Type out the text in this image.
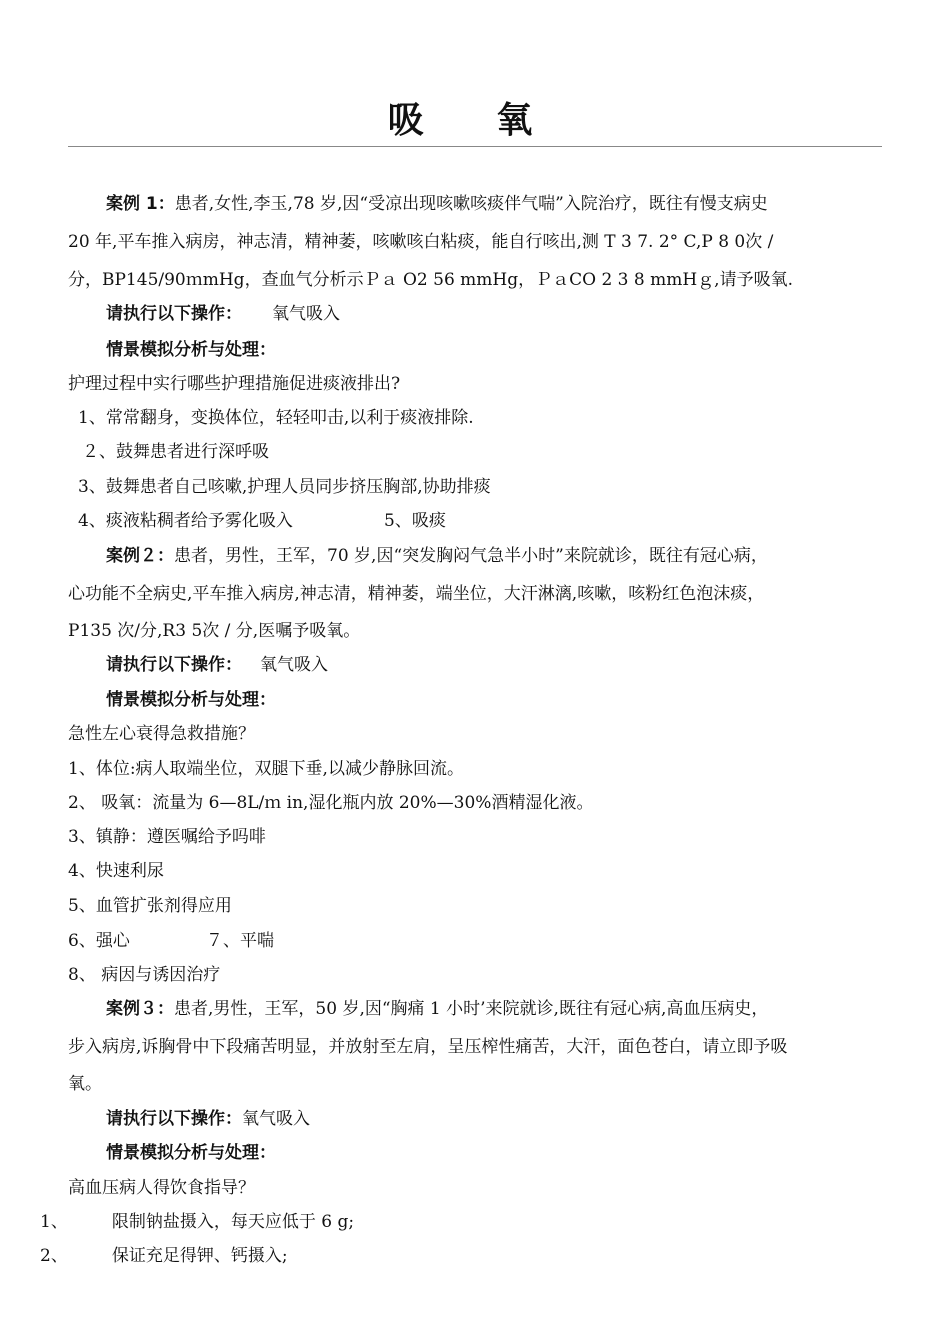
吸 氧
案例 1：患者,女性,李玉,78 岁,因“受凉出现咳嗽咳痰伴气喘”入院治疗，既往有慢支病史
20 年,平车推入病房，神志清，精神萎，咳嗽咳白粘痰，能自行咳出,测 T 3 7. 2° C,P 8 0次 /
分，BP145/90ｍmHg，查血气分析示Ｐａ O2 56 mmHg，ＰａCO 2 3 8 mmHｇ,请予吸氧.
请执行以下操作： 氧气吸入
情景模拟分析与处理：
护理过程中实行哪些护理措施促进痰液排出?
1、常常翻身，变换体位，轻轻叩击,以利于痰液排除.
２、鼓舞患者进行深呼吸
3、鼓舞患者自己咳嗽,护理人员同步挤压胸部,协助排痰
4、痰液粘稠者给予雾化吸入	5、吸痰
案例２：患者，男性，王军，70 岁,因“突发胸闷气急半小时”来院就诊，既往有冠心病，
心功能不全病史,平车推入病房,神志清，精神萎，端坐位，大汗淋漓,咳嗽，咳粉红色泡沫痰，
P135 次/分,R3 5次 / 分,医嘱予吸氧。
请执行以下操作： 氧气吸入
情景模拟分析与处理：
急性左心衰得急救措施？
1、体位:病人取端坐位，双腿下垂,以减少静脉回流。
2、 吸氧：流量为 6—8L/ｍ in,湿化瓶内放 20%—30%酒精湿化液。
3、镇静：遵医嘱给予吗啡
4、快速利尿
5、血管扩张剂得应用
6、强心	７、平喘
8、 病因与诱因治疗
案例３：患者,男性，王军，50 岁,因“胸痛 1 小时’来院就诊,既往有冠心病,高血压病史，
步入病房,诉胸骨中下段痛苦明显，并放射至左肩，呈压榨性痛苦，大汗，面色苍白，请立即予吸
氧。
请执行以下操作：氧气吸入
情景模拟分析与处理：
高血压病人得饮食指导？
1、	限制钠盐摄入，每天应低于 6 g;
2、	保证充足得钾、钙摄入;
